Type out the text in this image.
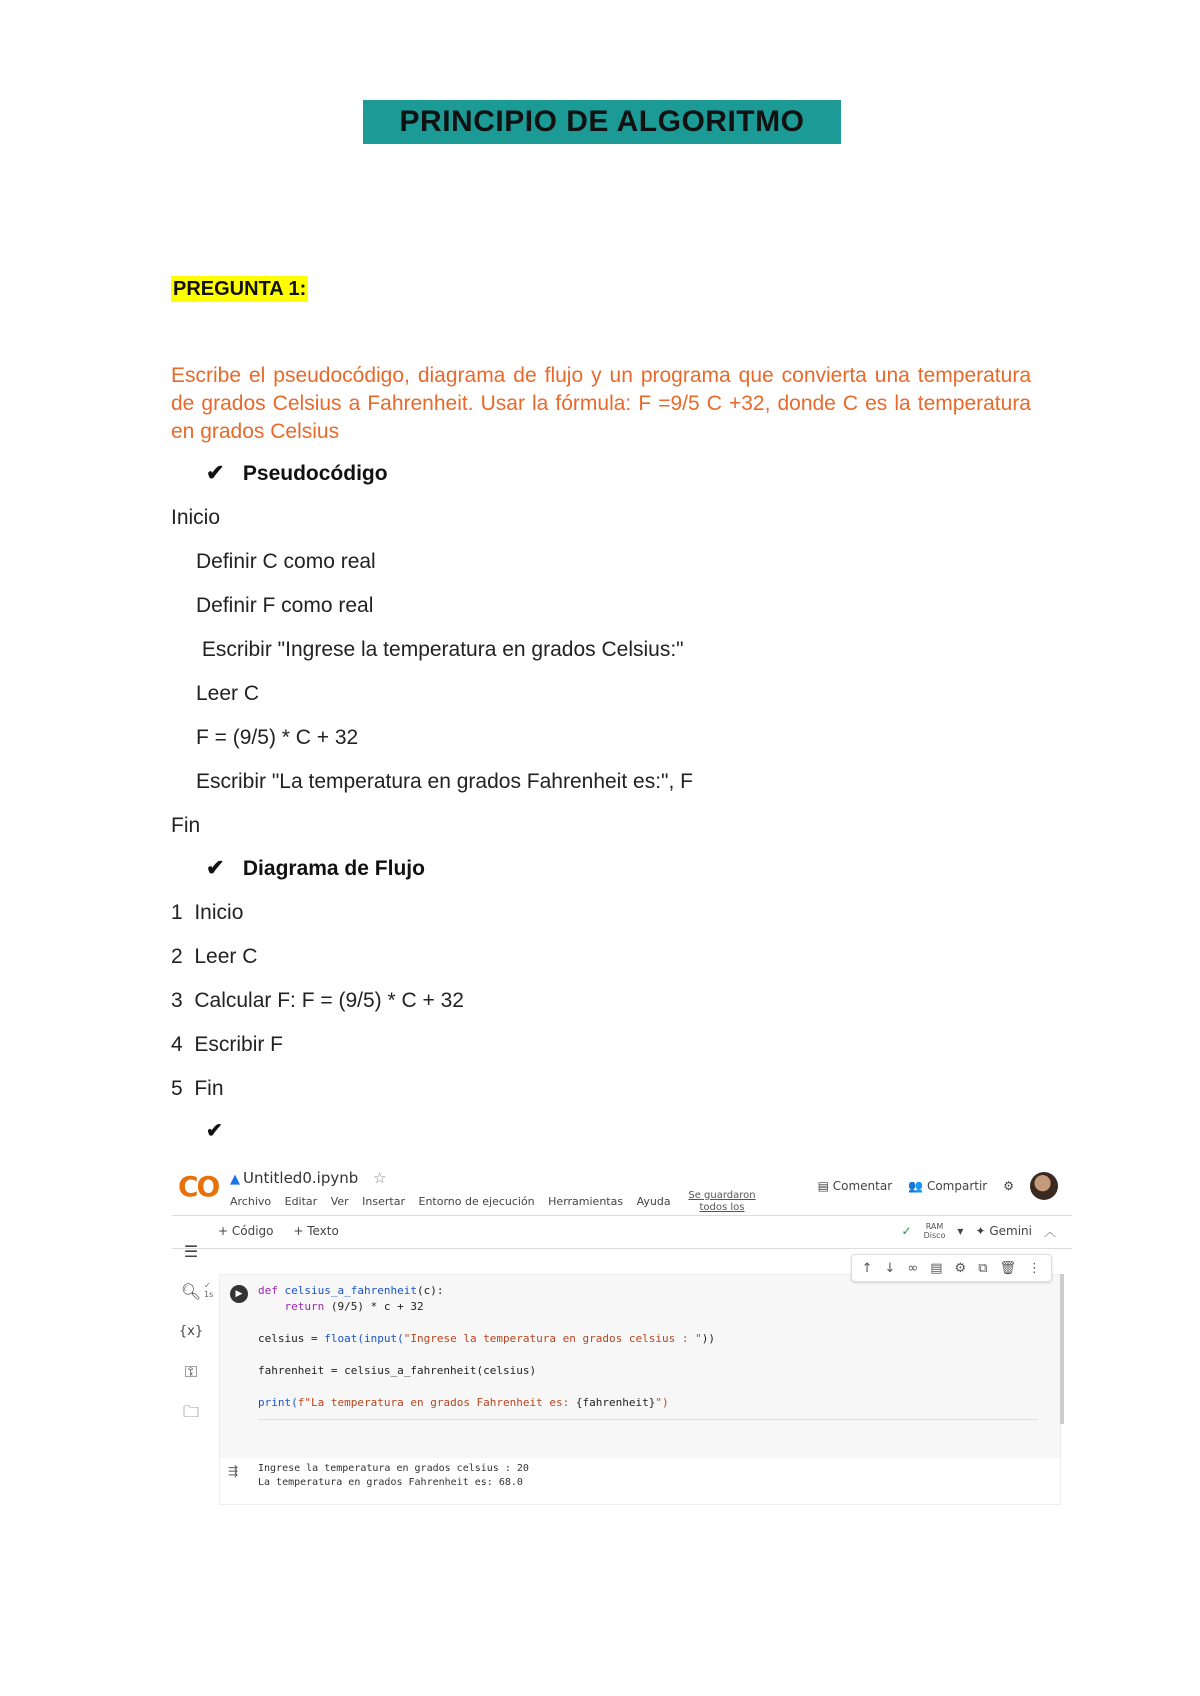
PRINCIPIO DE ALGORITMO
PREGUNTA 1:
Escribe el pseudocódigo, diagrama de flujo y un programa que convierta una temperatura de grados Celsius a Fahrenheit. Usar la fórmula: F =9/5 C +32, donde C es la temperatura en grados Celsius
✔ Pseudocódigo
Inicio
Definir C como real
Definir F como real
Escribir "Ingrese la temperatura en grados Celsius:"
Leer C
F = (9/5) * C + 32
Escribir "La temperatura en grados Fahrenheit es:", F
Fin
✔ Diagrama de Flujo
1  Inicio
2  Leer C
3  Calcular F: F = (9/5) * C + 32
4  Escribir F
5  Fin
✔
CO ▲ Untitled0.ipynb ☆
Archivo Editar Ver Insertar Entorno de ejecución Herramientas Ayuda	Se guardaron todos los
▤ Comentar 👥 Compartir ⚙
+ Código + Texto	✓ RAM
Disco ▾ ✦ Gemini ︿
☰
🔍︎
{x}
⚿
🗀
✓
1s	▶	def celsius_a_fahrenheit(c):
return (9/5) * c + 32

celsius = float(input("Ingrese la temperatura en grados celsius : "))

fahrenheit = celsius_a_fahrenheit(celsius)

print(f"La temperatura en grados Fahrenheit es: {fahrenheit}")
↑ ↓ ∞ ▤ ⚙ ⧉ 🗑 ⋮
⇶ Ingrese la temperatura en grados celsius : 20
La temperatura en grados Fahrenheit es: 68.0
